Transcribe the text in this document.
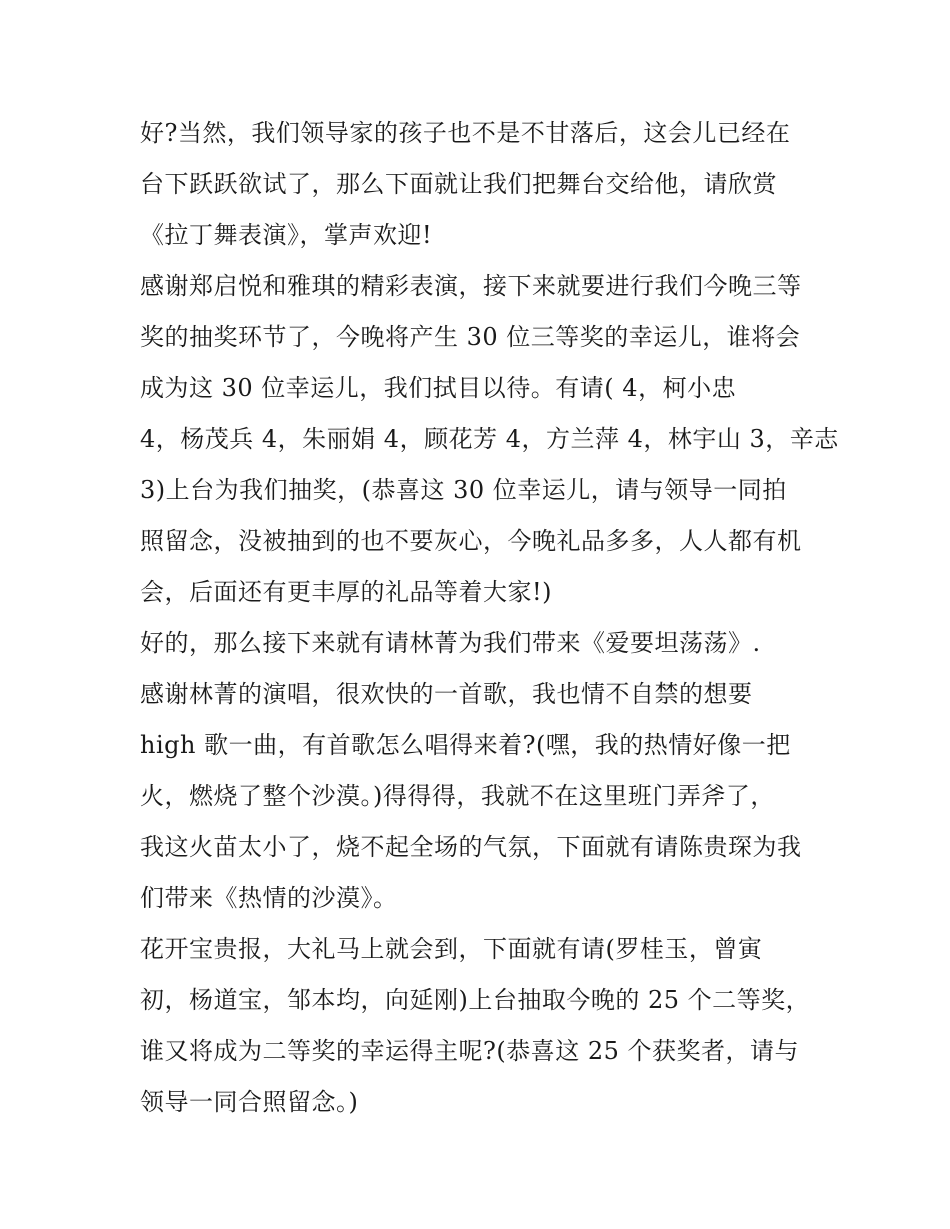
好?当然，我们领导家的孩子也不是不甘落后，这会儿已经在
台下跃跃欲试了，那么下面就让我们把舞台交给他，请欣赏
《拉丁舞表演》，掌声欢迎!
感谢郑启悦和雅琪的精彩表演，接下来就要进行我们今晚三等
奖的抽奖环节了，今晚将产生 30 位三等奖的幸运儿，谁将会
成为这 30 位幸运儿，我们拭目以待。有请( 4，柯小忠
4，杨茂兵 4，朱丽娟 4，顾花芳 4，方兰萍 4，林宇山 3，辛志
3)上台为我们抽奖，(恭喜这 30 位幸运儿，请与领导一同拍
照留念，没被抽到的也不要灰心，今晚礼品多多，人人都有机
会，后面还有更丰厚的礼品等着大家!)
好的，那么接下来就有请林菁为我们带来《爱要坦荡荡》.
感谢林菁的演唱，很欢快的一首歌，我也情不自禁的想要
high 歌一曲，有首歌怎么唱得来着?(嘿，我的热情好像一把
火，燃烧了整个沙漠。)得得得，我就不在这里班门弄斧了，
我这火苗太小了，烧不起全场的气氛，下面就有请陈贵琛为我
们带来《热情的沙漠》。
花开宝贵报，大礼马上就会到，下面就有请(罗桂玉，曾寅
初，杨道宝，邹本均，向延刚)上台抽取今晚的 25 个二等奖，
谁又将成为二等奖的幸运得主呢?(恭喜这 25 个获奖者，请与
领导一同合照留念。)
